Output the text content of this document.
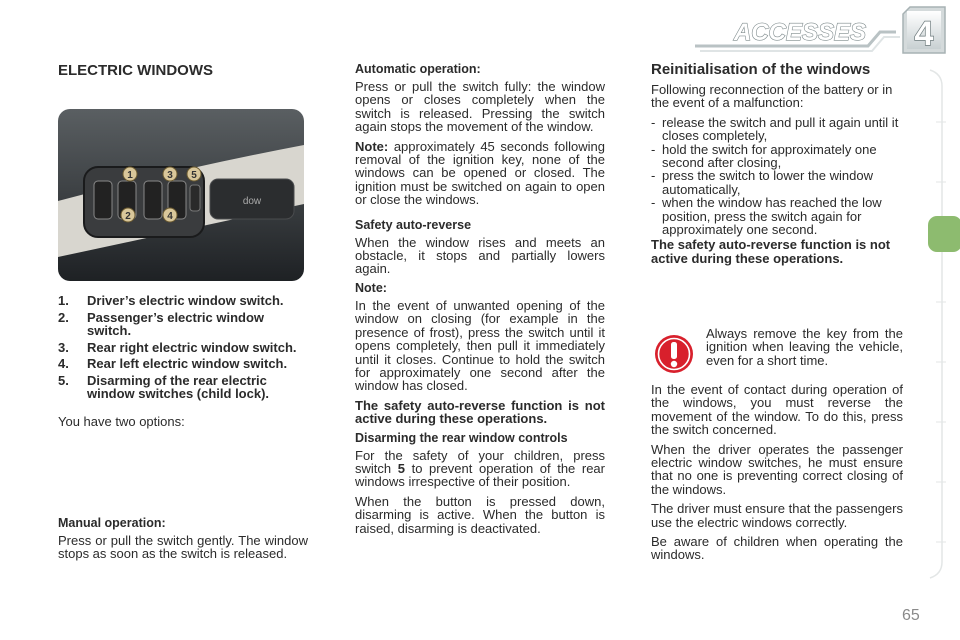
ACCESSES 4
ELECTRIC WINDOWS
dow
1
2
3
4
5
1. Driver’s electric window switch.
2. Passenger’s electric window switch.
3. Rear right electric window switch.
4. Rear left electric window switch.
5. Disarming of the rear electric window switches (child lock).

You have two options:

Manual operation:

Press or pull the switch gently. The window stops as soon as the switch is released.

Automatic operation:

Press or pull the switch fully: the window opens or closes completely when the switch is released. Pressing the switch again stops the movement of the window.

Note: approximately 45 seconds following removal of the ignition key, none of the windows can be opened or closed. The ignition must be switched on again to open or close the windows.

Safety auto-reverse

When the window rises and meets an obstacle, it stops and partially lowers again.

Note:

In the event of unwanted opening of the window on closing (for example in the presence of frost), press the switch until it opens completely, then pull it immediately until it closes. Continue to hold the switch for approximately one second after the window has closed.

The safety auto-reverse function is not active during these operations.

Disarming the rear window controls

For the safety of your children, press switch 5 to prevent operation of the rear windows irrespective of their position.

When the button is pressed down, disarming is active. When the button is raised, disarming is deactivated.

Reinitialisation of the windows

Following reconnection of the battery or in the event of a malfunction:

- release the switch and pull it again until it closes completely,
- hold the switch for approximately one second after closing,
- press the switch to lower the window automatically,
- when the window has reached the low position, press the switch again for approximately one second.

The safety auto-reverse function is not active during these operations.

Always remove the key from the ignition when leaving the vehicle, even for a short time.

In the event of contact during operation of the windows, you must reverse the movement of the window. To do this, press the switch concerned.

When the driver operates the passenger electric window switches, he must ensure that no one is preventing correct closing of the windows.

The driver must ensure that the passengers use the electric windows correctly.

Be aware of children when operating the windows.

65
